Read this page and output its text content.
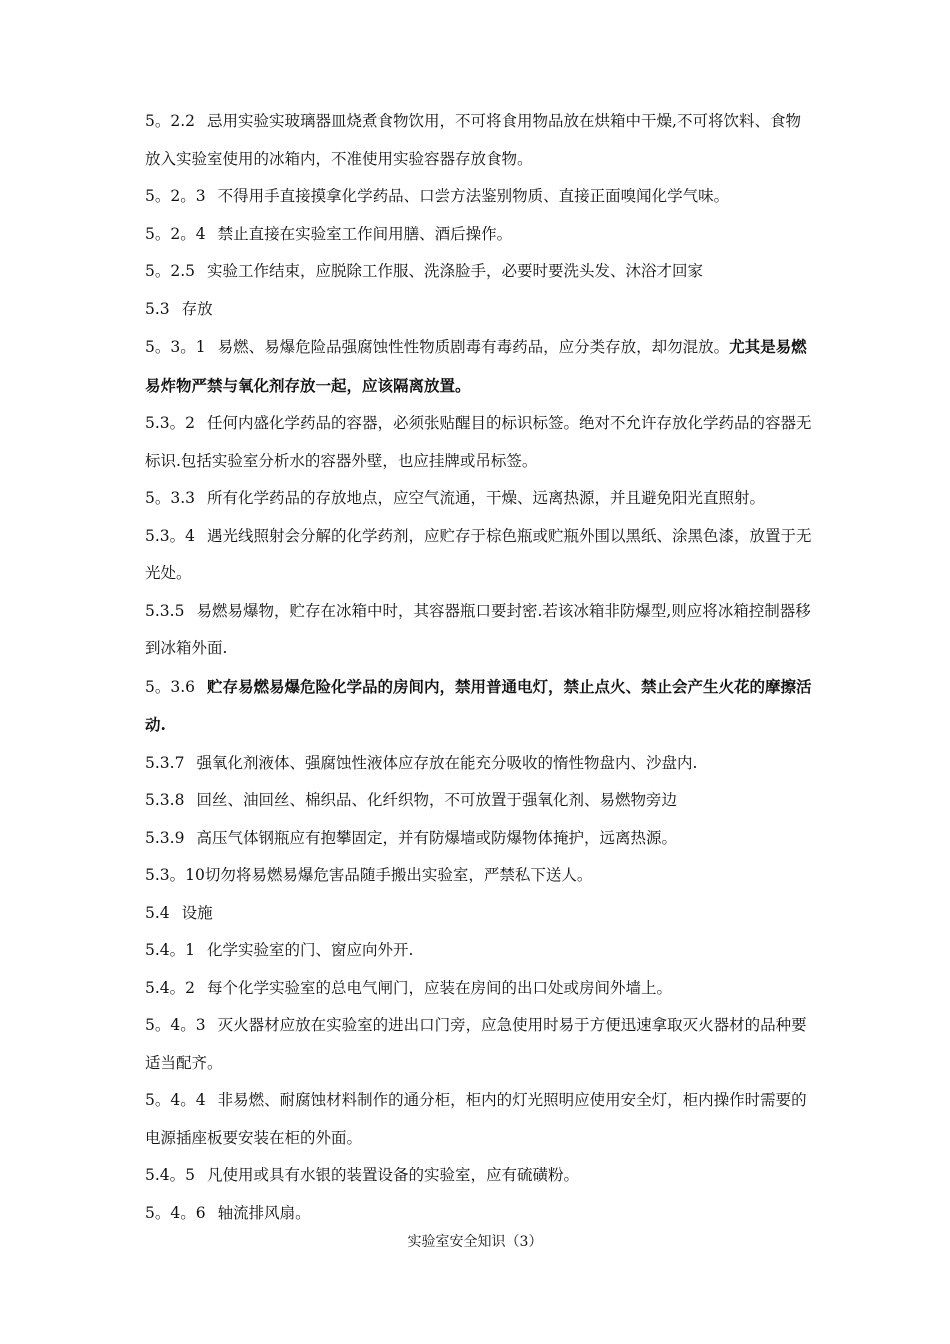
5。2.2 忌用实验实玻璃器皿烧煮食物饮用，不可将食用物品放在烘箱中干燥,不可将饮料、食物放入实验室使用的冰箱内，不准使用实验容器存放食物。

5。2。3 不得用手直接摸拿化学药品、口尝方法鉴别物质、直接正面嗅闻化学气味。

5。2。4 禁止直接在实验室工作间用膳、酒后操作。

5。2.5 实验工作结束，应脱除工作服、洗涤脸手，必要时要洗头发、沐浴才回家

5.3 存放

5。3。1 易燃、易爆危险品强腐蚀性性物质剧毒有毒药品，应分类存放，却勿混放。尤其是易燃易炸物严禁与氧化剂存放一起，应该隔离放置。

5.3。2 任何内盛化学药品的容器，必须张贴醒目的标识标签。绝对不允许存放化学药品的容器无标识.包括实验室分析水的容器外壁，也应挂牌或吊标签。

5。3.3 所有化学药品的存放地点，应空气流通，干燥、远离热源，并且避免阳光直照射。

5.3。4 遇光线照射会分解的化学药剂，应贮存于棕色瓶或贮瓶外围以黑纸、涂黑色漆，放置于无光处。

5.3.5 易燃易爆物，贮存在冰箱中时，其容器瓶口要封密.若该冰箱非防爆型,则应将冰箱控制器移到冰箱外面.

5。3.6 贮存易燃易爆危险化学品的房间内，禁用普通电灯，禁止点火、禁止会产生火花的摩擦活动.

5.3.7 强氧化剂液体、强腐蚀性液体应存放在能充分吸收的惰性物盘内、沙盘内.

5.3.8 回丝、油回丝、棉织品、化纤织物，不可放置于强氧化剂、易燃物旁边

5.3.9 高压气体钢瓶应有抱攀固定，并有防爆墙或防爆物体掩护，远离热源。

5.3。10切勿将易燃易爆危害品随手搬出实验室，严禁私下送人。

5.4 设施

5.4。1 化学实验室的门、窗应向外开.

5.4。2 每个化学实验室的总电气闸门，应装在房间的出口处或房间外墙上。

5。4。3 灭火器材应放在实验室的进出口门旁，应急使用时易于方便迅速拿取灭火器材的品种要适当配齐。

5。4。4 非易燃、耐腐蚀材料制作的通分柜，柜内的灯光照明应使用安全灯，柜内操作时需要的电源插座板要安装在柜的外面。

5.4。5 凡使用或具有水银的装置设备的实验室，应有硫磺粉。

5。4。6 轴流排风扇。

实验室安全知识（3）
